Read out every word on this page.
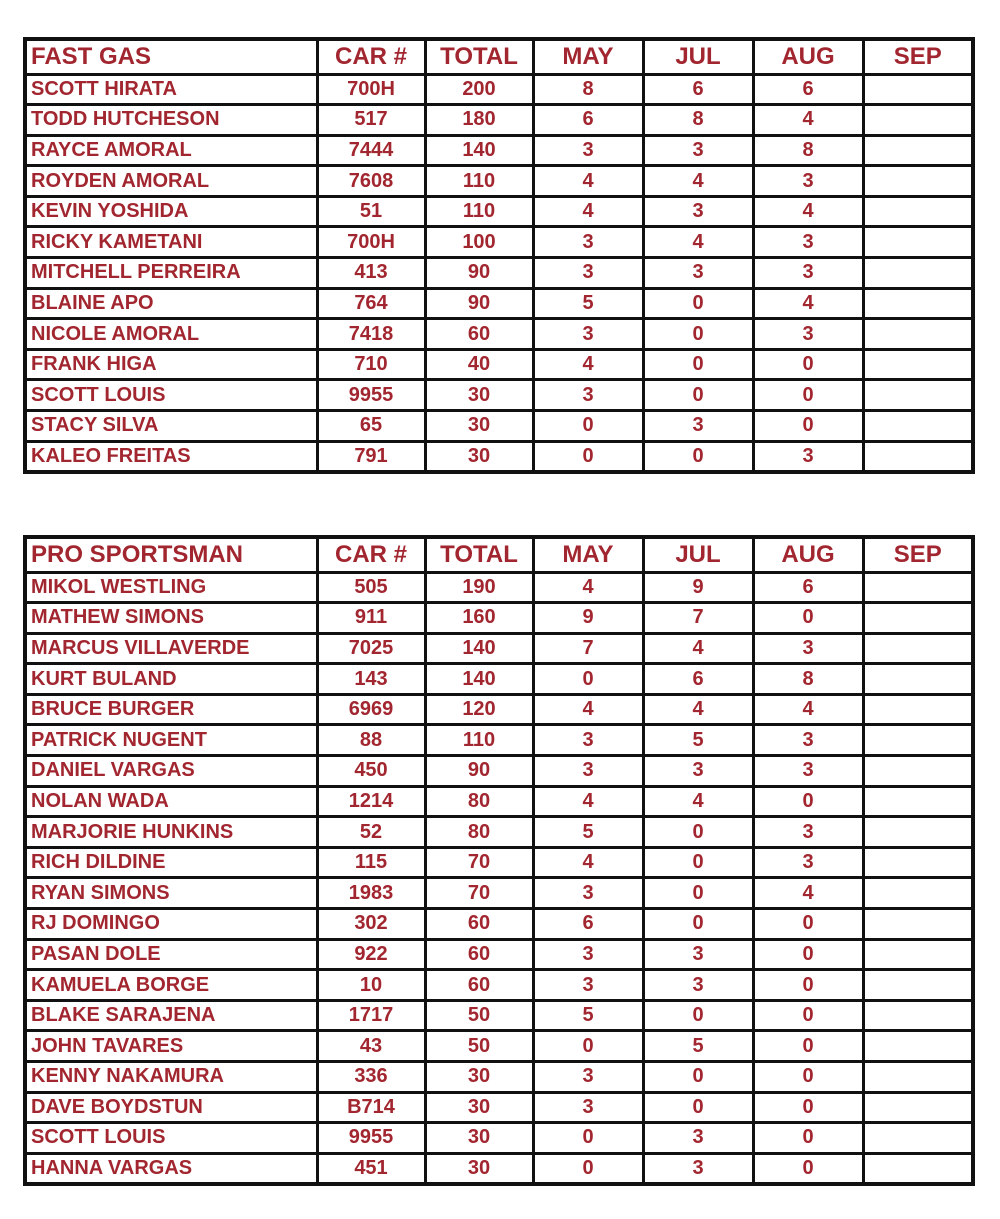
FAST GAS	CAR #	TOTAL	MAY	JUL	AUG	SEP
SCOTT HIRATA	700H	200	8	6	6	
TODD HUTCHESON	517	180	6	8	4	
RAYCE AMORAL	7444	140	3	3	8	
ROYDEN AMORAL	7608	110	4	4	3	
KEVIN YOSHIDA	51	110	4	3	4	
RICKY KAMETANI	700H	100	3	4	3	
MITCHELL PERREIRA	413	90	3	3	3	
BLAINE APO	764	90	5	0	4	
NICOLE AMORAL	7418	60	3	0	3	
FRANK HIGA	710	40	4	0	0	
SCOTT LOUIS	9955	30	3	0	0	
STACY SILVA	65	30	0	3	0	
KALEO FREITAS	791	30	0	0	3	
PRO SPORTSMAN	CAR #	TOTAL	MAY	JUL	AUG	SEP
MIKOL WESTLING	505	190	4	9	6	
MATHEW SIMONS	911	160	9	7	0	
MARCUS VILLAVERDE	7025	140	7	4	3	
KURT BULAND	143	140	0	6	8	
BRUCE BURGER	6969	120	4	4	4	
PATRICK NUGENT	88	110	3	5	3	
DANIEL VARGAS	450	90	3	3	3	
NOLAN WADA	1214	80	4	4	0	
MARJORIE HUNKINS	52	80	5	0	3	
RICH DILDINE	115	70	4	0	3	
RYAN SIMONS	1983	70	3	0	4	
RJ DOMINGO	302	60	6	0	0	
PASAN DOLE	922	60	3	3	0	
KAMUELA BORGE	10	60	3	3	0	
BLAKE SARAJENA	1717	50	5	0	0	
JOHN TAVARES	43	50	0	5	0	
KENNY NAKAMURA	336	30	3	0	0	
DAVE BOYDSTUN	B714	30	3	0	0	
SCOTT LOUIS	9955	30	0	3	0	
HANNA VARGAS	451	30	0	3	0	
